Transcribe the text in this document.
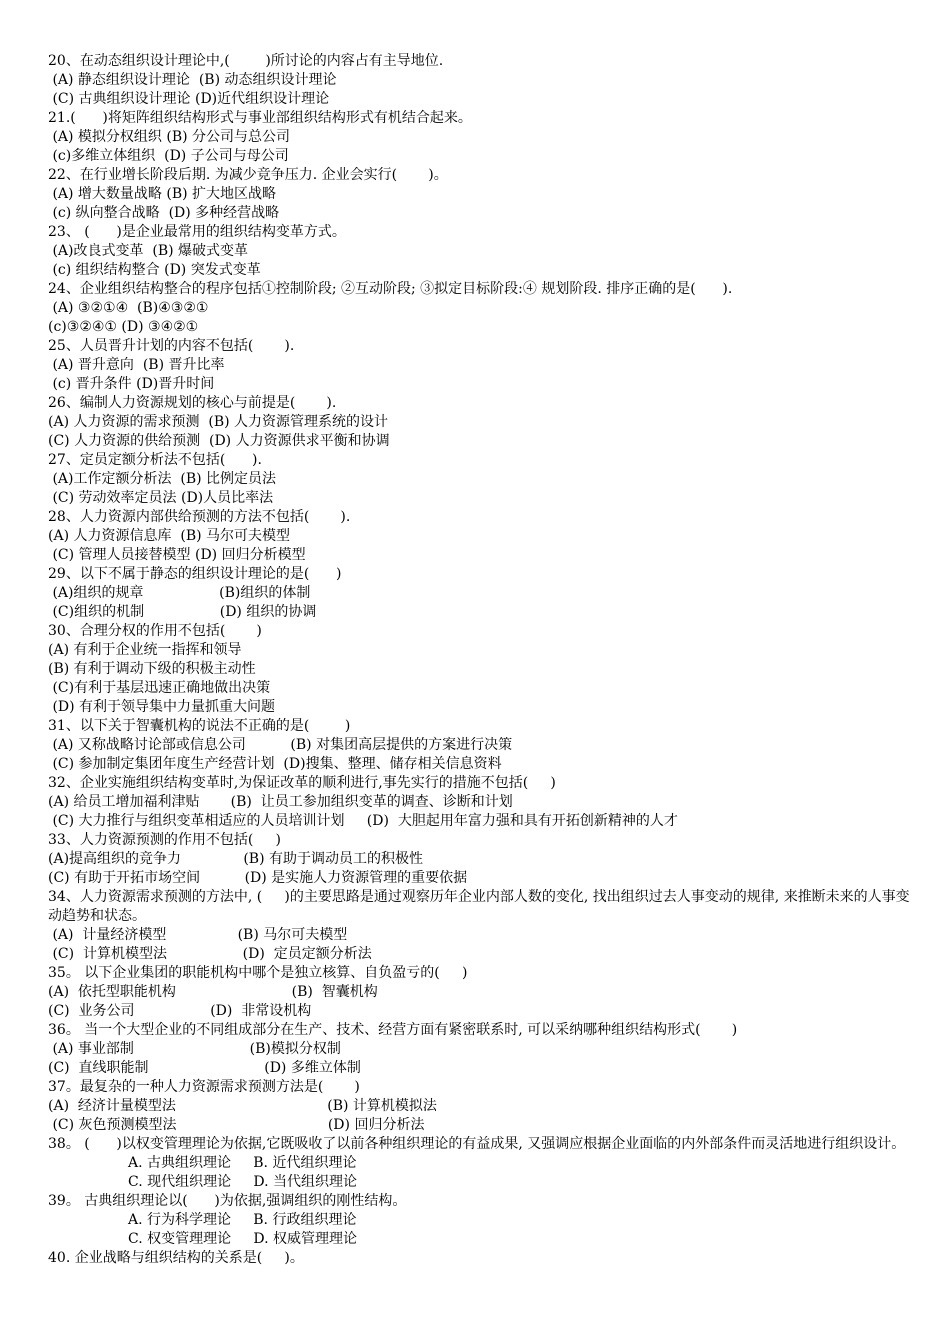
20、在动态组织设计理论中,(        )所讨论的内容占有主导地位.
(A) 静态组织设计理论  (B) 动态组织设计理论
(C) 古典组织设计理论 (D)近代组织设计理论
21.(      )将矩阵组织结构形式与事业部组织结构形式有机结合起来。
(A) 模拟分权组织 (B) 分公司与总公司
(c)多维立体组织  (D) 子公司与母公司
22、在行业增长阶段后期. 为减少竞争压力. 企业会实行(       )。
(A) 增大数量战略 (B) 扩大地区战略
(c) 纵向整合战略  (D) 多种经营战略
23、 (      )是企业最常用的组织结构变革方式。
(A)改良式变革  (B) 爆破式变革
(c) 组织结构整合 (D) 突发式变革
24、企业组织结构整合的程序包括①控制阶段; ②互动阶段; ③拟定目标阶段:④ 规划阶段. 排序正确的是(      ).
(A) ③②①④  (B)④③②①
(c)③②④① (D) ③④②①
25、人员晋升计划的内容不包括(       ).
(A) 晋升意向  (B) 晋升比率
(c) 晋升条件 (D)晋升时间
26、编制人力资源规划的核心与前提是(       ).
(A) 人力资源的需求预测  (B) 人力资源管理系统的设计
(C) 人力资源的供给预测  (D) 人力资源供求平衡和协调
27、定员定额分析法不包括(      ).
(A)工作定额分析法  (B) 比例定员法
(C) 劳动效率定员法 (D)人员比率法
28、人力资源内部供给预测的方法不包括(       ).
(A) 人力资源信息库  (B) 马尔可夫模型
(C) 管理人员接替模型 (D) 回归分析模型
29、以下不属于静态的组织设计理论的是(      )
(A)组织的规章                 (B)组织的体制
(C)组织的机制                 (D) 组织的协调
30、合理分权的作用不包括(       )
(A) 有利于企业统一指挥和领导
(B) 有利于调动下级的积极主动性
(C)有利于基层迅速正确地做出决策
(D) 有利于领导集中力量抓重大问题
31、以下关于智囊机构的说法不正确的是(        )
(A) 又称战略讨论部或信息公司          (B) 对集团高层提供的方案进行决策
(C) 参加制定集团年度生产经营计划  (D)搜集、整理、储存相关信息资料
32、企业实施组织结构变革时,为保证改革的顺利进行,事先实行的措施不包括(     )
(A) 给员工增加福利津贴       (B)  让员工参加组织变革的调查、诊断和计划
(C) 大力推行与组织变革相适应的人员培训计划     (D)  大胆起用年富力强和具有开拓创新精神的人才
33、人力资源预测的作用不包括(     )
(A)提高组织的竞争力              (B) 有助于调动员工的积极性
(C) 有助于开拓市场空间          (D) 是实施人力资源管理的重要依据
34、人力资源需求预测的方法中, (     )的主要思路是通过观察历年企业内部人数的变化, 找出组织过去人事变动的规律, 来推断未来的人事变动趋势和状态。
(A)  计量经济模型                (B) 马尔可夫模型
(C)  计算机模型法                 (D)  定员定额分析法
35。 以下企业集团的职能机构中哪个是独立核算、自负盈亏的(     )
(A)  依托型职能机构                          (B)  智囊机构
(C)  业务公司                 (D)  非常设机构
36。 当一个大型企业的不同组成部分在生产、技术、经营方面有紧密联系时, 可以采纳哪种组织结构形式(       )
(A) 事业部制                          (B)模拟分权制
(C)  直线职能制                          (D) 多维立体制
37。最复杂的一种人力资源需求预测方法是(       )
(A)  经济计量模型法                                  (B) 计算机模拟法
(C) 灰色预测模型法                                  (D) 回归分析法
38。 (      )以权变管理理论为依据,它既吸收了以前各种组织理论的有益成果, 又强调应根据企业面临的内外部条件而灵活地进行组织设计。
A. 古典组织理论     B. 近代组织理论
C. 现代组织理论     D. 当代组织理论
39。 古典组织理论以(      )为依据,强调组织的刚性结构。
A. 行为科学理论     B. 行政组织理论
C. 权变管理理论     D. 权威管理理论
40. 企业战略与组织结构的关系是(     )。
